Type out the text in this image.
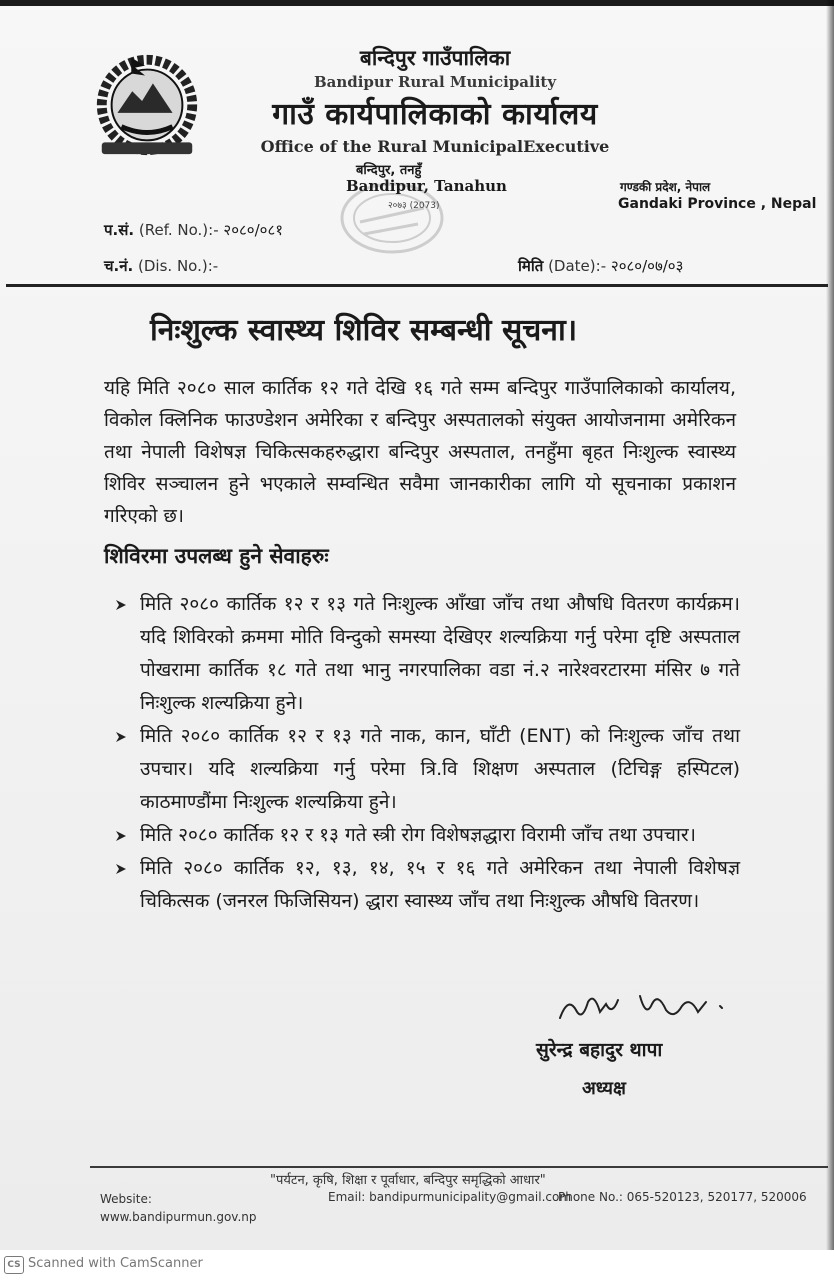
बन्दिपुर गाउँपालिका
Bandipur Rural Municipality
गाउँ कार्यपालिकाको कार्यालय
Office of the Rural MunicipalExecutive
बन्दिपुर, तनहुँ
Bandipur, Tanahun
२०७३ (2073)
गण्डकी प्रदेश, नेपाल
Gandaki Province , Nepal
प.सं. (Ref. No.):- २०८०/०८१
च.नं. (Dis. No.):-	मिति (Date):- २०८०/०७/०३
निःशुल्क स्वास्थ्य शिविर सम्बन्धी सूचना।

यहि मिति २०८० साल कार्तिक १२ गते देखि १६ गते सम्म बन्दिपुर गाउँपालिकाको कार्यालय, विकोल क्लिनिक फाउण्डेशन अमेरिका र बन्दिपुर अस्पतालको संयुक्त आयोजनामा अमेरिकन तथा नेपाली विशेषज्ञ चिकित्सकहरुद्धारा बन्दिपुर अस्पताल, तनहुँमा बृहत निःशुल्क स्वास्थ्य शिविर सञ्चालन हुने भएकाले सम्वन्धित सवैमा जानकारीका लागि यो सूचनाका प्रकाशन गरिएको छ।

शिविरमा उपलब्ध हुने सेवाहरुः
मिति २०८० कार्तिक १२ र १३ गते निःशुल्क आँखा जाँच तथा औषधि वितरण कार्यक्रम।यदि शिविरको क्रममा मोति विन्दुको समस्या देखिएर शल्यक्रिया गर्नु परेमा दृष्टि अस्पताल पोखरामा कार्तिक १८ गते तथा भानु नगरपालिका वडा नं.२ नारेश्वरटारमा मंसिर ७ गते निःशुल्क शल्यक्रिया हुने।
मिति २०८० कार्तिक १२ र १३ गते नाक, कान, घाँटी (ENT) को निःशुल्क जाँच तथा उपचार। यदि शल्यक्रिया गर्नु परेमा त्रि.वि शिक्षण अस्पताल (टिचिङ्ग हस्पिटल) काठमाण्डौंमा निःशुल्क शल्यक्रिया हुने।
मिति २०८० कार्तिक १२ र १३ गते स्त्री रोग विशेषज्ञद्धारा विरामी जाँच तथा उपचार।
मिति २०८० कार्तिक १२, १३, १४, १५ र १६ गते अमेरिकन तथा नेपाली विशेषज्ञ चिकित्सक (जनरल फिजिसियन) द्धारा स्वास्थ्य जाँच तथा निःशुल्क औषधि वितरण।
सुरेन्द्र बहादुर थापा
अध्यक्ष
"पर्यटन, कृषि, शिक्षा र पूर्वाधार, बन्दिपुर समृद्धिको आधार"
Website: www.bandipurmun.gov.np
Email: bandipurmunicipality@gmail.com
Phone No.: 065-520123, 520177, 520006
CS Scanned with CamScanner
